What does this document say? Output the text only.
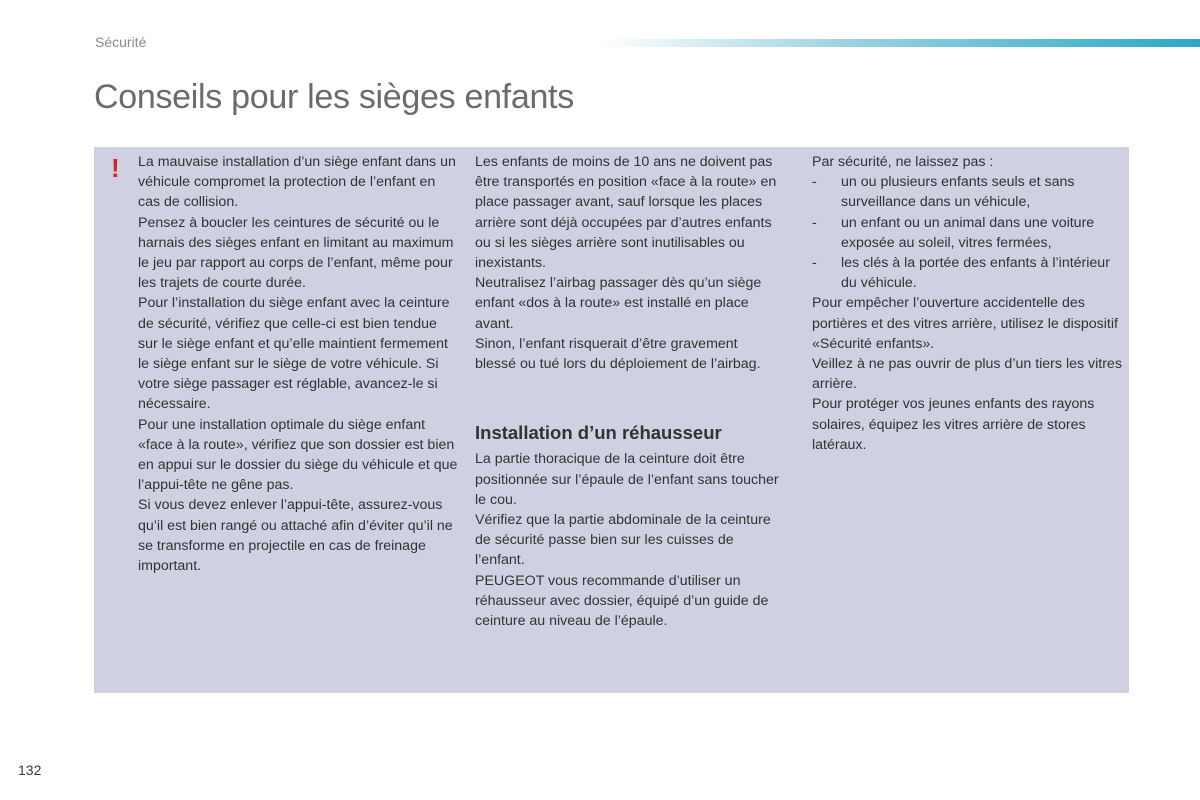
Sécurité
Conseils pour les sièges enfants
! La mauvaise installation d’un siège enfant dans un véhicule compromet la protection de l’enfant en cas de collision.

Pensez à boucler les ceintures de sécurité ou le harnais des sièges enfant en limitant au maximum le jeu par rapport au corps de l’enfant, même pour les trajets de courte durée.

Pour l’installation du siège enfant avec la ceinture de sécurité, vérifiez que celle-ci est bien tendue sur le siège enfant et qu’elle maintient fermement le siège enfant sur le siège de votre véhicule. Si votre siège passager est réglable, avancez-le si nécessaire.

Pour une installation optimale du siège enfant «face à la route», vérifiez que son dossier est bien en appui sur le dossier du siège du véhicule et que l’appui-tête ne gêne pas.

Si vous devez enlever l’appui-tête, assurez-vous qu’il est bien rangé ou attaché afin d’éviter qu’il ne se transforme en projectile en cas de freinage important.

Les enfants de moins de 10 ans ne doivent pas être transportés en position «face à la route» en place passager avant, sauf lorsque les places arrière sont déjà occupées par d’autres enfants ou si les sièges arrière sont inutilisables ou inexistants.

Neutralisez l’airbag passager dès qu’un siège enfant «dos à la route» est installé en place avant.

Sinon, l’enfant risquerait d’être gravement blessé ou tué lors du déploiement de l’airbag.

Installation d’un réhausseur

La partie thoracique de la ceinture doit être positionnée sur l’épaule de l’enfant sans toucher le cou.

Vérifiez que la partie abdominale de la ceinture de sécurité passe bien sur les cuisses de l’enfant.

PEUGEOT vous recommande d’utiliser un réhausseur avec dossier, équipé d’un guide de ceinture au niveau de l’épaule.

Par sécurité, ne laissez pas :

- un ou plusieurs enfants seuls et sans surveillance dans un véhicule,
- un enfant ou un animal dans une voiture exposée au soleil, vitres fermées,
- les clés à la portée des enfants à l’intérieur du véhicule.

Pour empêcher l’ouverture accidentelle des portières et des vitres arrière, utilisez le dispositif «Sécurité enfants».

Veillez à ne pas ouvrir de plus d’un tiers les vitres arrière.

Pour protéger vos jeunes enfants des rayons solaires, équipez les vitres arrière de stores latéraux.

132
